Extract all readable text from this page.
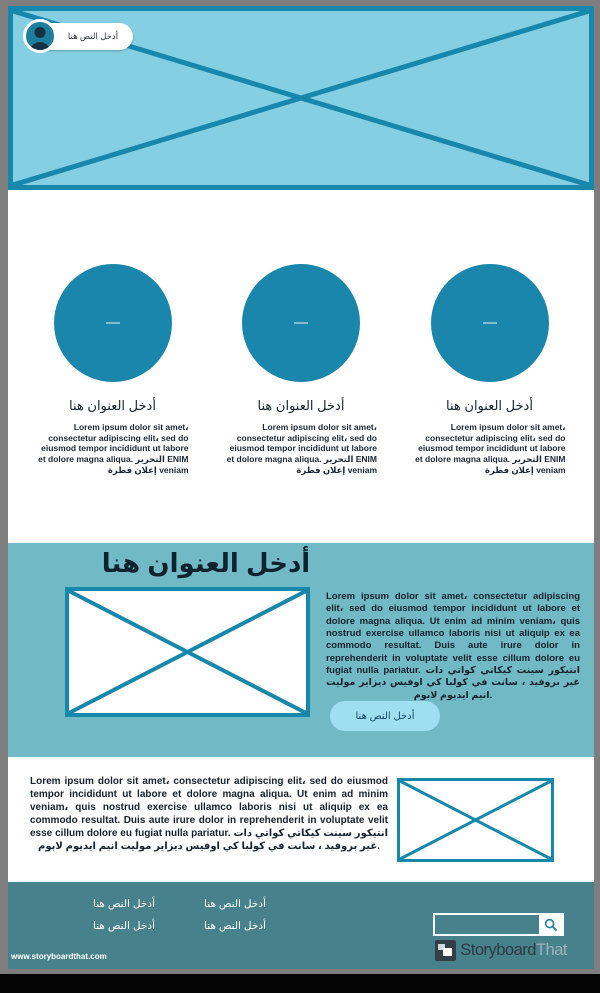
أدخل النص هنا
أدخل العنوان هنا

Lorem ipsum dolor sit amet، consectetur adipiscing elit، sed do eiusmod tempor incididunt ut labore et dolore magna aliqua. التحرير ENIM إعلان فطرة veniam

أدخل العنوان هنا

Lorem ipsum dolor sit amet، consectetur adipiscing elit، sed do eiusmod tempor incididunt ut labore et dolore magna aliqua. التحرير ENIM إعلان فطرة veniam

أدخل العنوان هنا

Lorem ipsum dolor sit amet، consectetur adipiscing elit، sed do eiusmod tempor incididunt ut labore et dolore magna aliqua. التحرير ENIM إعلان فطرة veniam

أدخل العنوان هنا

Lorem ipsum dolor sit amet، consectetur adipiscing elit، sed do eiusmod tempor incididunt ut labore et dolore magna aliqua. Ut enim ad minim veniam، quis nostrud exercise ullamco laboris nisi ut aliquip ex ea commodo resultat. Duis aute irure dolor in reprehenderit in voluptate velit esse cillum dolore eu fugiat nulla pariatur. انتيكور سينت كيكاتي كواتي دات غير بروفيد ، سانت في كولبا كي اوفيس ديزاير موليت انيم ايديوم لابوم.

أدخل النص هنا

Lorem ipsum dolor sit amet، consectetur adipiscing elit، sed do eiusmod tempor incididunt ut labore et dolore magna aliqua. Ut enim ad minim veniam، quis nostrud exercise ullamco laboris nisi ut aliquip ex ea commodo resultat. Duis aute irure dolor in reprehenderit in voluptate velit esse cillum dolore eu fugiat nulla pariatur. انتيكور سينت كيكاتي كواتي دات غير بروفيد ، سانت في كولبا كي اوفيس ديزاير موليت انيم ايديوم لابوم.

أدخل النص هنا	أدخل النص هنا
أدخل النص هنا	أدخل النص هنا
StoryboardThat
www.storyboardthat.com
